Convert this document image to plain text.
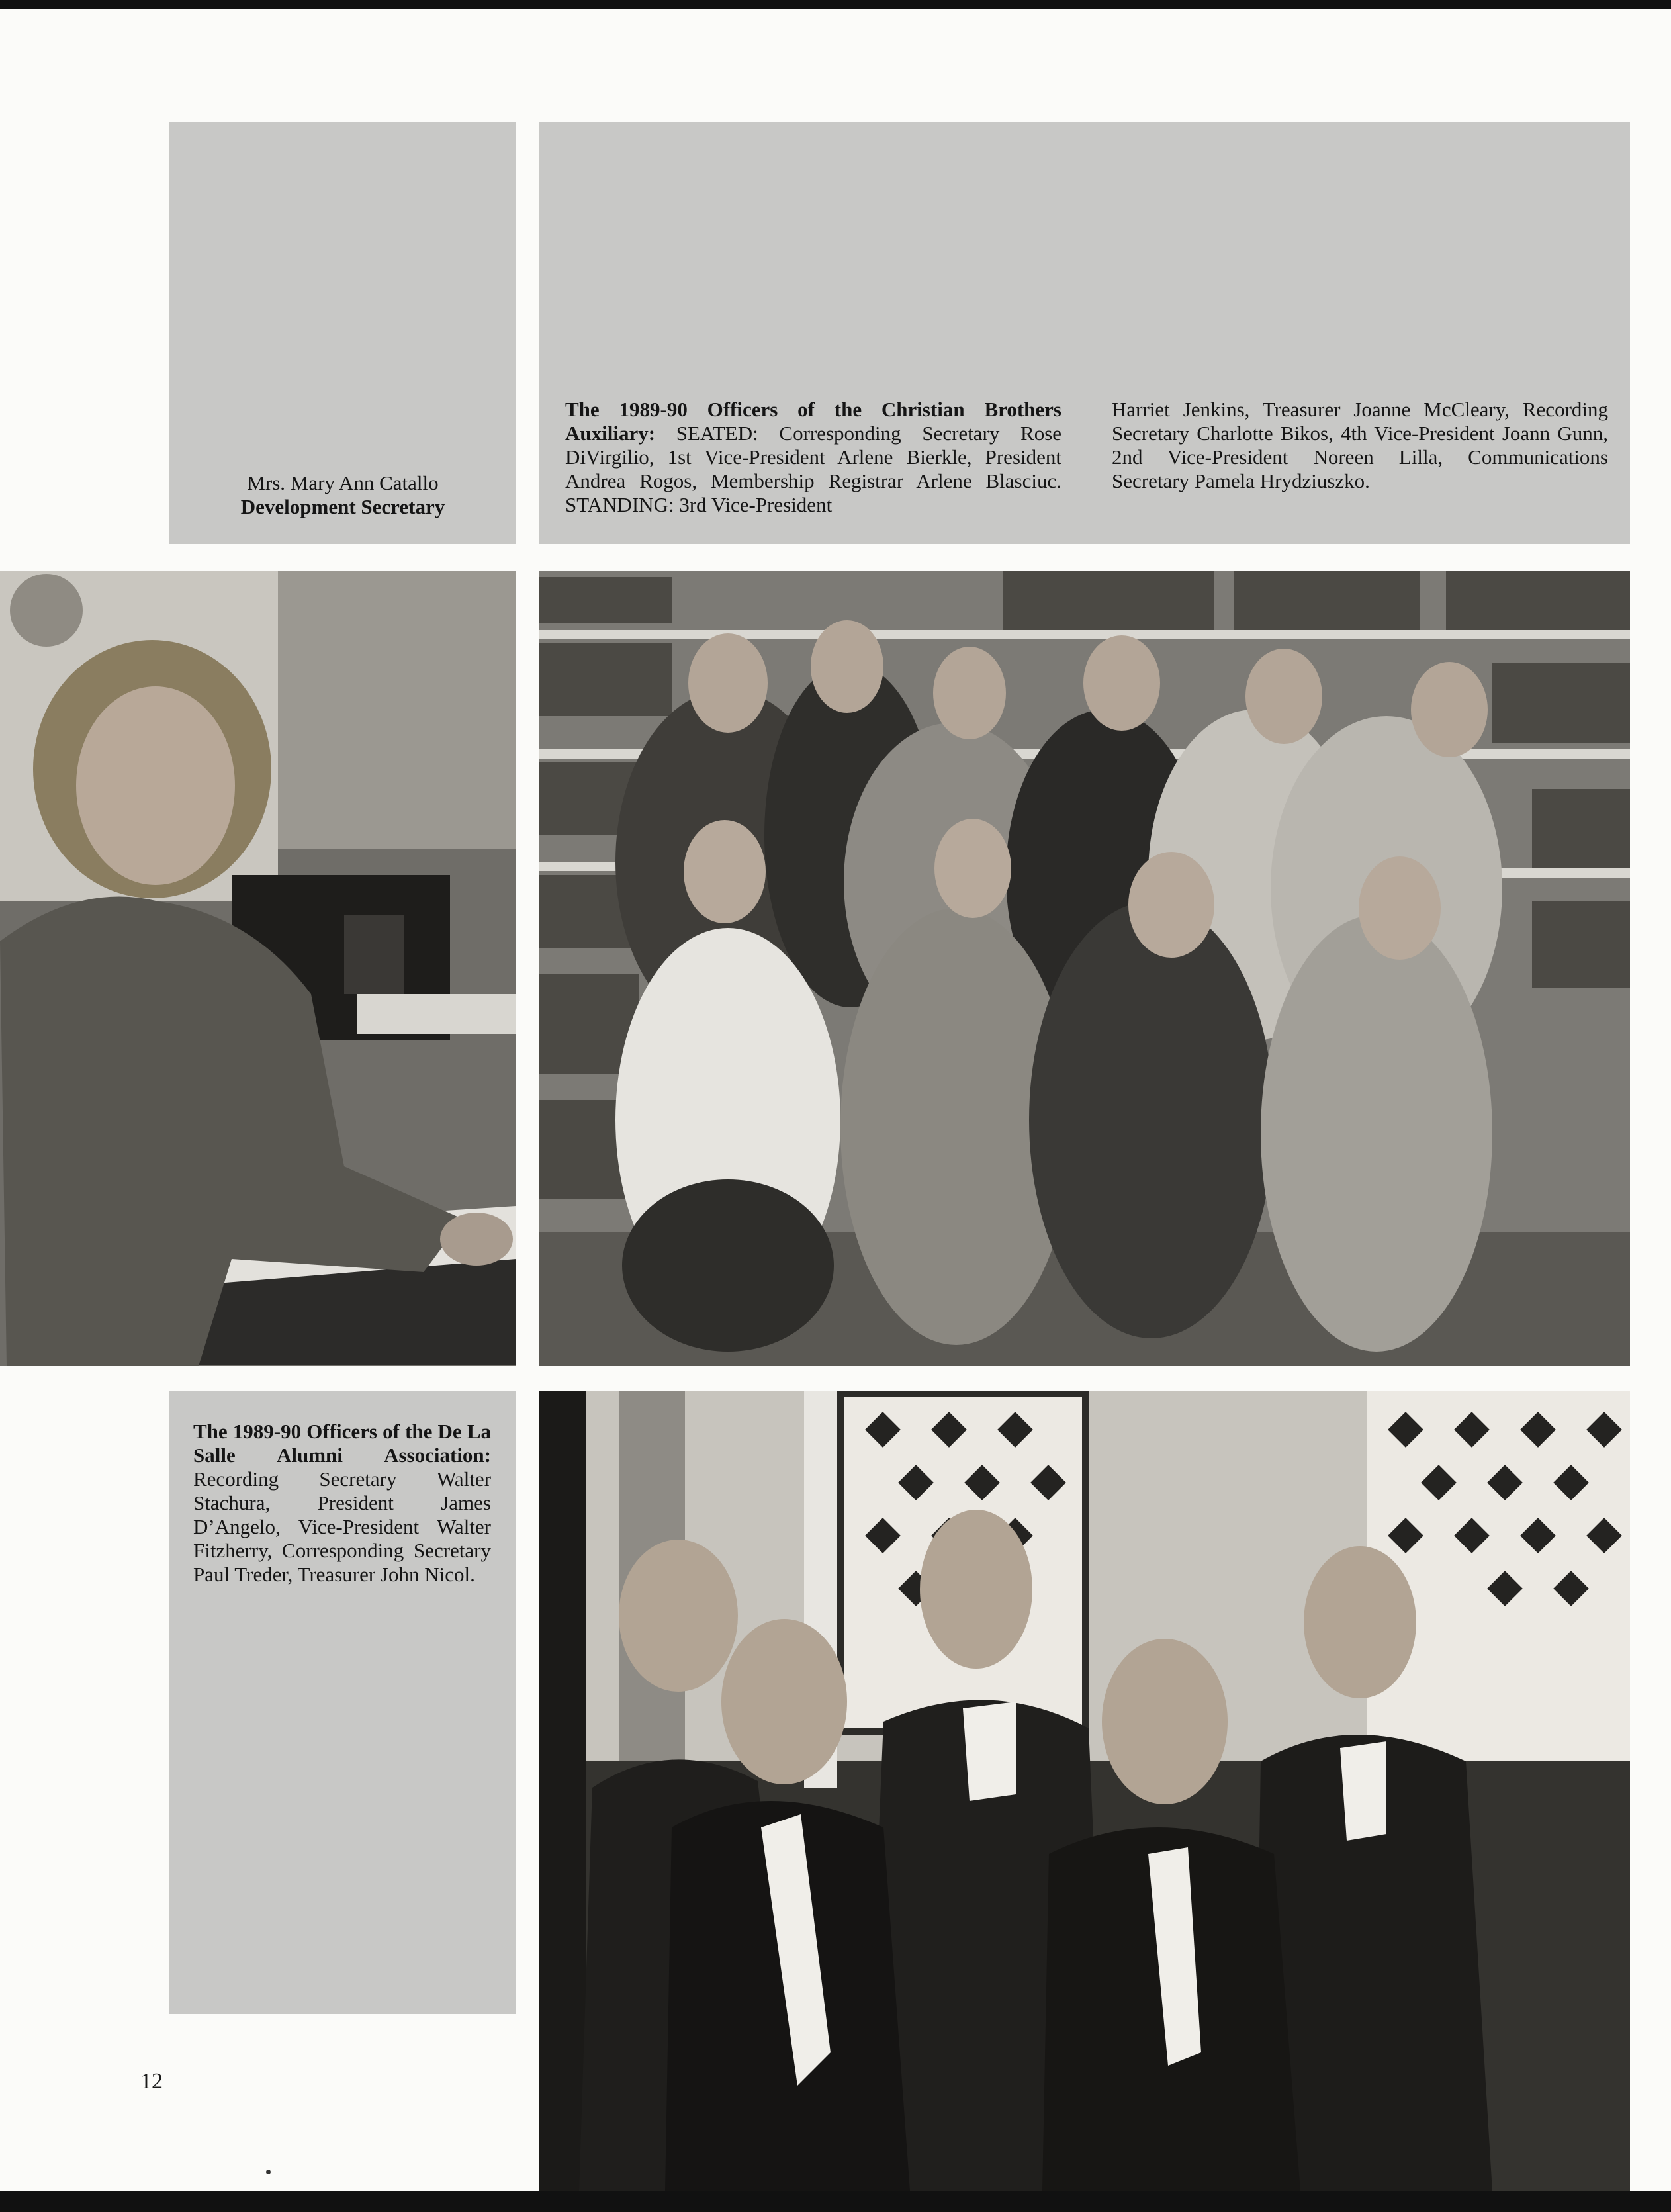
Mrs. Mary Ann Catallo
Development Secretary
The 1989-90 Officers of the Christian Brothers Auxiliary: SEATED: Corresponding Secretary Rose DiVirgilio, 1st Vice-President Arlene Bierkle, President Andrea Rogos, Membership Registrar Arlene Blasciuc. STANDING: 3rd Vice-President
Harriet Jenkins, Treasurer Joanne McCleary, Recording Secretary Charlotte Bikos, 4th Vice-President Joann Gunn, 2nd Vice-President Noreen Lilla, Communications Secretary Pamela Hrydziuszko.
The 1989-90 Officers of the De La Salle Alumni Association: Recording Secretary Walter Stachura, President James D’Angelo, Vice-President Walter Fitzherry, Corresponding Secretary Paul Treder, Treasurer John Nicol.
12
